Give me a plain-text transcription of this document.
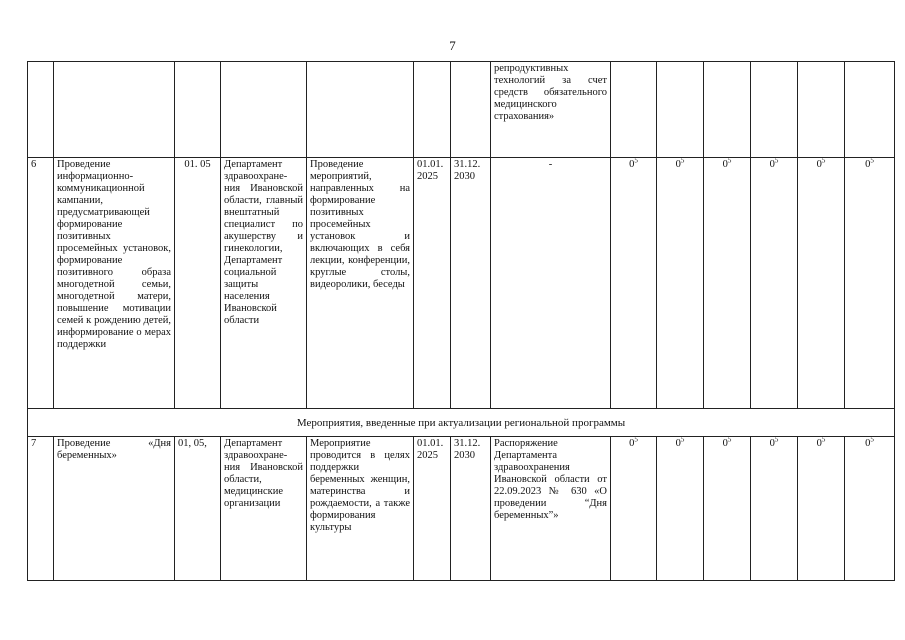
7
							репродуктивных технологий за счет средств обязательного медицинского страхования»						
6	Проведение информационно-коммуникационной кампании, предусматривающей формирование позитивных просемейных установок, формирование позитивного образа многодетной семьи, многодетной матери, повышение мотивации семей к рождению детей, информирование о мерах поддержки	01. 05	Департамент здравоохране-ния Ивановской области, главный внештатный специалист по акушерству и гинекологии, Департамент социальной защиты населения Ивановской области	Проведение мероприятий, направленных на формирование позитивных просемейных установок и включающих в себя лекции, конференции, круглые столы, видеоролики, беседы	01.01. 2025	31.12. 2030	-	$0^5$	$0^5$	$0^5$	$0^5$	$0^5$	$0^5$
Мероприятия, введенные при актуализации региональной программы													
7	Проведение «Дня беременных»	01, 05,	Департамент здравоохране-ния Ивановской области, медицинские организации	Мероприятие проводится в целях поддержки беременных женщин, материнства и рождаемости, а также формирования культуры	01.01. 2025	31.12. 2030	Распоряжение Департамента здравоохранения Ивановской области от 22.09.2023 № 630 «О проведении “Дня беременных”»	$0^5$	$0^5$	$0^5$	$0^5$	$0^5$	$0^5$
